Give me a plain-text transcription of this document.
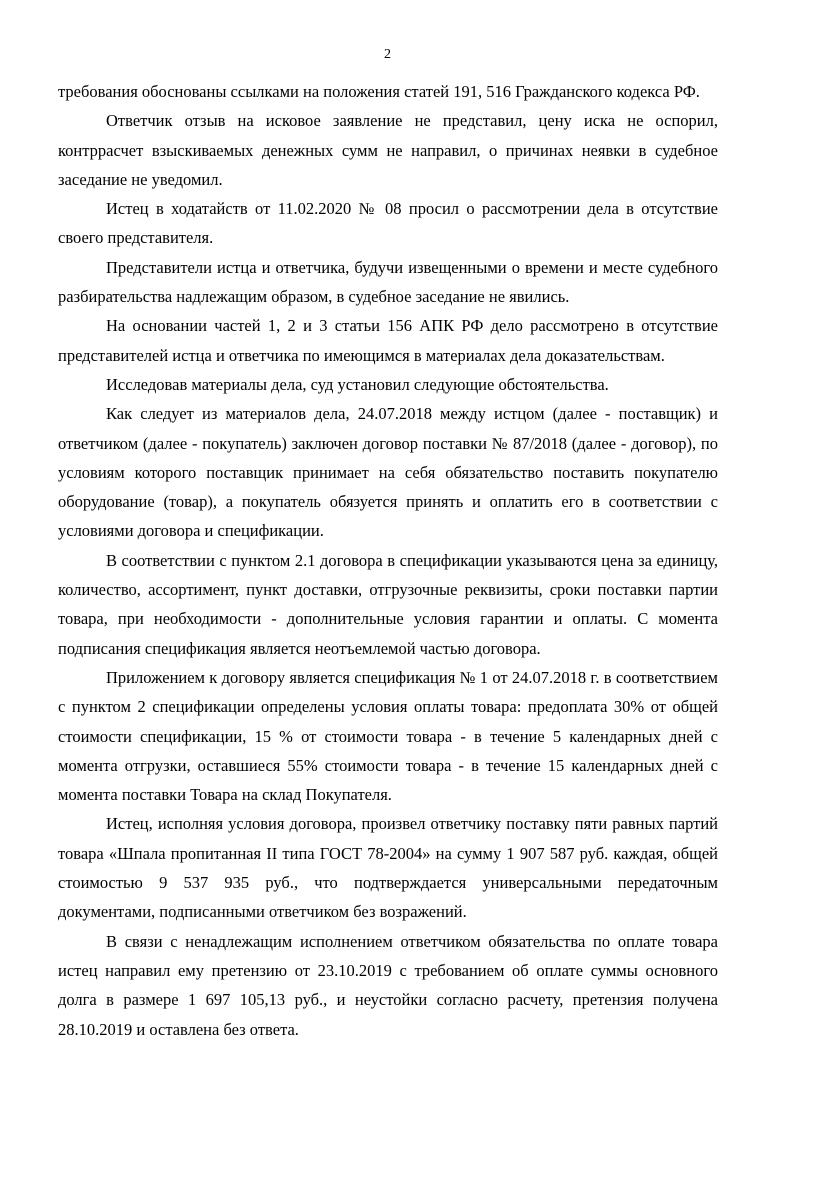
2

требования обоснованы ссылками на положения статей 191, 516 Гражданского кодекса РФ.

Ответчик отзыв на исковое заявление не представил, цену иска не оспорил, контррасчет взыскиваемых денежных сумм не направил, о причинах неявки в судебное заседание не уведомил.

Истец в ходатайств от 11.02.2020 № 08 просил о рассмотрении дела в отсутствие своего представителя.

Представители истца и ответчика, будучи извещенными о времени и месте судебного разбирательства надлежащим образом, в судебное заседание не явились.

На основании частей 1, 2 и 3 статьи 156 АПК РФ дело рассмотрено в отсутствие представителей истца и ответчика по имеющимся в материалах дела доказательствам.

Исследовав материалы дела, суд установил следующие обстоятельства.

Как следует из материалов дела, 24.07.2018 между истцом (далее - поставщик) и ответчиком (далее - покупатель) заключен договор поставки № 87/2018 (далее - договор), по условиям которого поставщик принимает на себя обязательство поставить покупателю оборудование (товар), а покупатель обязуется принять и оплатить его в соответствии с условиями договора и спецификации.

В соответствии с пунктом 2.1 договора в спецификации указываются цена за единицу, количество, ассортимент, пункт доставки, отгрузочные реквизиты, сроки поставки партии товара, при необходимости - дополнительные условия гарантии и оплаты. С момента подписания спецификация является неотъемлемой частью договора.

Приложением к договору является спецификация № 1 от 24.07.2018 г. в соответствием с пунктом 2 спецификации определены условия оплаты товара: предоплата 30% от общей стоимости спецификации, 15 % от стоимости товара - в течение 5 календарных дней с момента отгрузки, оставшиеся 55% стоимости товара - в течение 15 календарных дней с момента поставки Товара на склад Покупателя.

Истец, исполняя условия договора, произвел ответчику поставку пяти равных партий товара «Шпала пропитанная II типа ГОСТ 78-2004» на сумму 1 907 587 руб. каждая, общей стоимостью 9 537 935 руб., что подтверждается универсальными передаточным документами, подписанными ответчиком без возражений.

В связи с ненадлежащим исполнением ответчиком обязательства по оплате товара истец направил ему претензию от 23.10.2019 с требованием об оплате суммы основного долга в размере 1 697 105,13 руб., и неустойки согласно расчету, претензия получена 28.10.2019 и оставлена без ответа.
